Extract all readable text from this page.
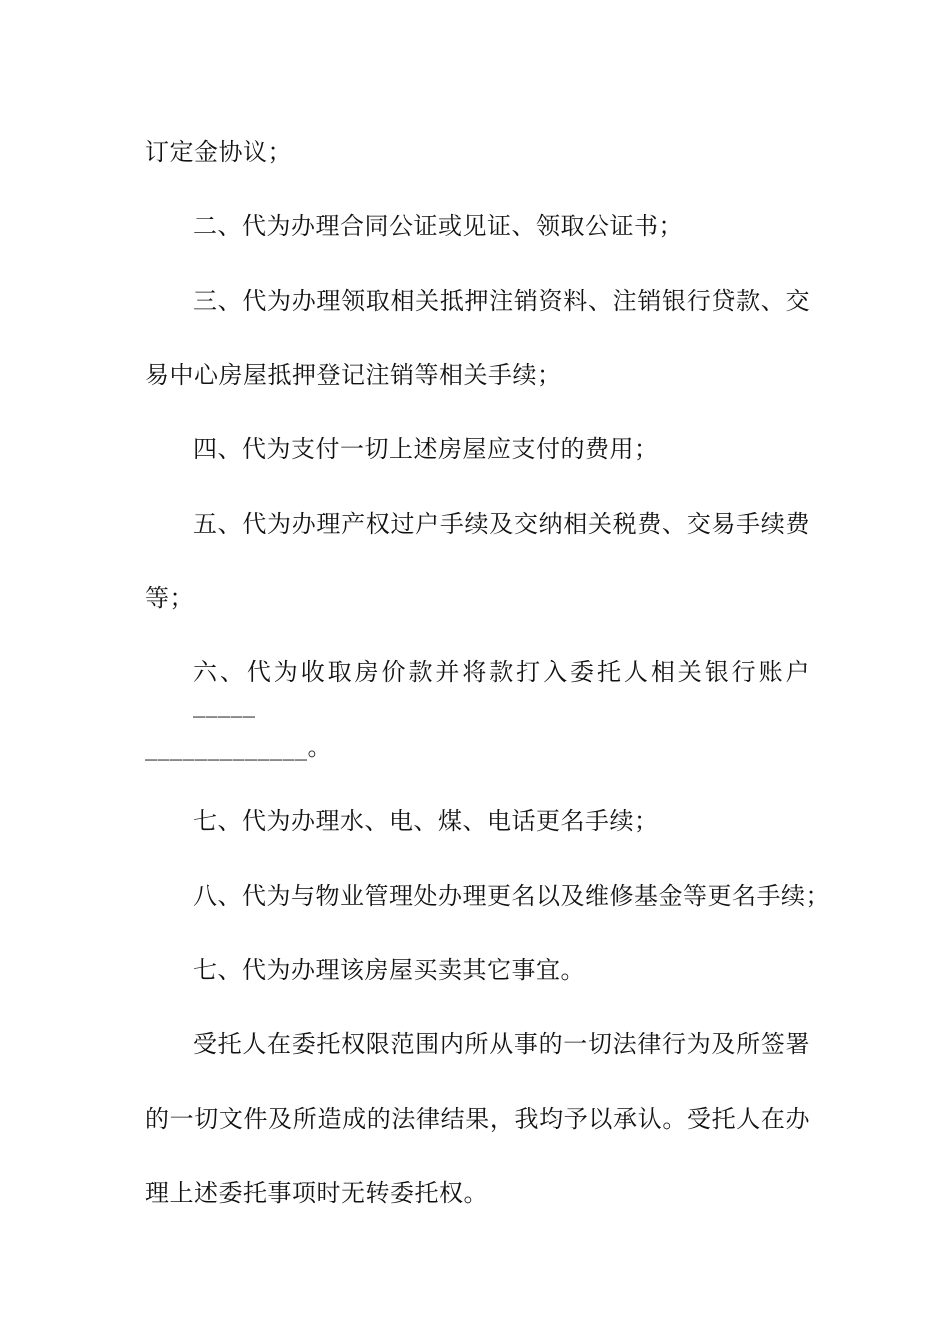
订定金协议；
二、代为办理合同公证或见证、领取公证书；
三、代为办理领取相关抵押注销资料、注销银行贷款、交
易中心房屋抵押登记注销等相关手续；
四、代为支付一切上述房屋应支付的费用；
五、代为办理产权过户手续及交纳相关税费、交易手续费
等；
六、代为收取房价款并将款打入委托人相关银行账户_____
_____________。
七、代为办理水、电、煤、电话更名手续；
八、代为与物业管理处办理更名以及维修基金等更名手续；
七、代为办理该房屋买卖其它事宜。
受托人在委托权限范围内所从事的一切法律行为及所签署
的一切文件及所造成的法律结果，我均予以承认。受托人在办
理上述委托事项时无转委托权。
